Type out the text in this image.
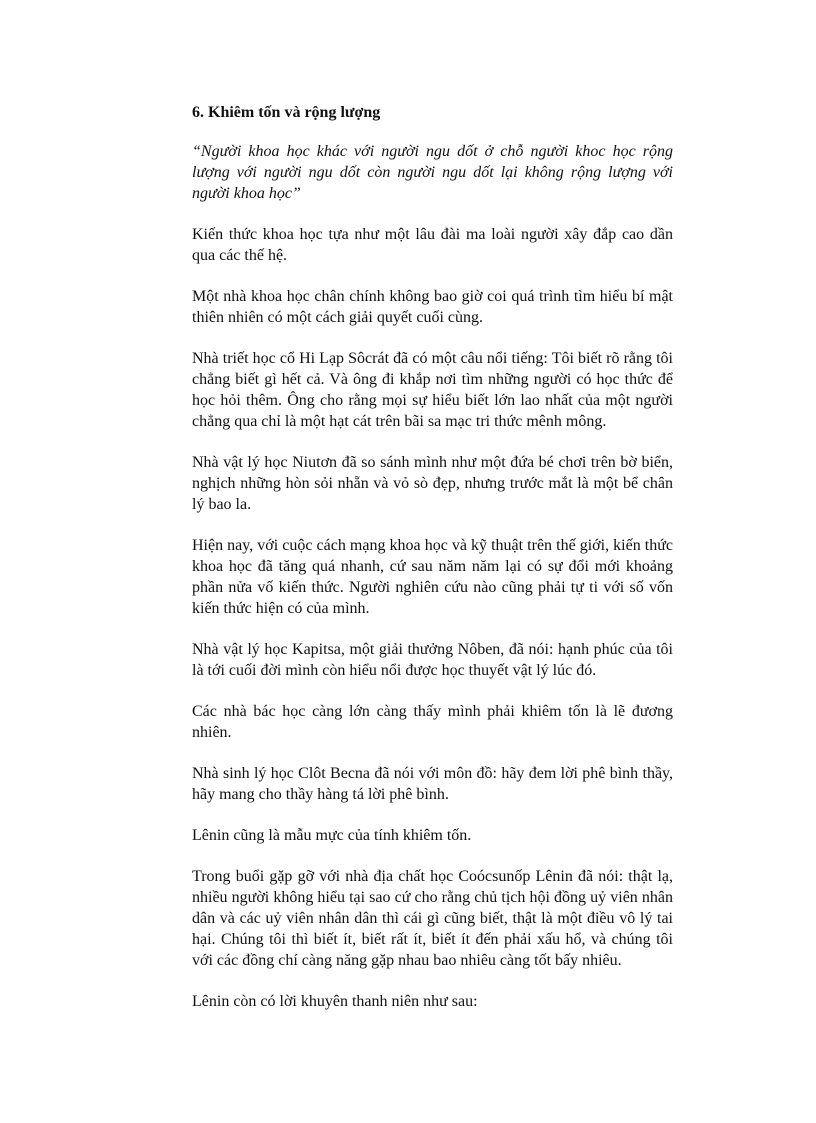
6. Khiêm tốn và rộng lượng

“Người khoa học khác với người ngu dốt ở chỗ người khoc học rộng lượng với người ngu dốt còn người ngu dốt lại không rộng lượng với người khoa học”

Kiến thức khoa học tựa như một lâu đài ma loài người xây đắp cao dần qua các thế hệ.

Một nhà khoa học chân chính không bao giờ coi quá trình tìm hiểu bí mật thiên nhiên có một cách giải quyết cuối cùng.

Nhà triết học cổ Hi Lạp Sôcrát đã có một câu nổi tiếng: Tôi biết rõ rằng tôi chẳng biết gì hết cả. Và ông đi khắp nơi tìm những người có học thức để học hỏi thêm. Ông cho rằng mọi sự hiểu biết lớn lao nhất của một người chẳng qua chỉ là một hạt cát trên bãi sa mạc tri thức mênh mông.

Nhà vật lý học Niutơn đã so sánh mình như một đứa bé chơi trên bờ biển, nghịch những hòn sỏi nhẵn và vỏ sò đẹp, nhưng trước mắt là một bể chân lý bao la.

Hiện nay, với cuộc cách mạng khoa học và kỹ thuật trên thế giới, kiến thức khoa học đã tăng quá nhanh, cứ sau năm năm lại có sự đổi mới khoảng phần nửa vố kiến thức. Người nghiên cứu nào cũng phải tự ti với số vốn kiến thức hiện có của mình.

Nhà vật lý học Kapitsa, một giải thưởng Nôben, đã nói: hạnh phúc của tôi là tới cuối đời mình còn hiểu nổi được học thuyết vật lý lúc đó.

Các nhà bác học càng lớn càng thấy mình phải khiêm tốn là lẽ đương nhiên.

Nhà sinh lý học Clôt Becna đã nói với môn đồ: hãy đem lời phê bình thầy, hãy mang cho thầy hàng tá lời phê bình.

Lênin cũng là mẫu mực của tính khiêm tốn.

Trong buổi gặp gỡ với nhà địa chất học Coócsunốp Lênin đã nói: thật lạ, nhiều người không hiểu tại sao cứ cho rằng chủ tịch hội đồng uỷ viên nhân dân và các uỷ viên nhân dân thì cái gì cũng biết, thật là một điều vô lý tai hại. Chúng tôi thì biết ít, biết rất ít, biết ít đến phải xấu hổ, và chúng tôi với các đồng chí càng năng gặp nhau bao nhiêu càng tốt bấy nhiêu.

Lênin còn có lời khuyên thanh niên như sau:
